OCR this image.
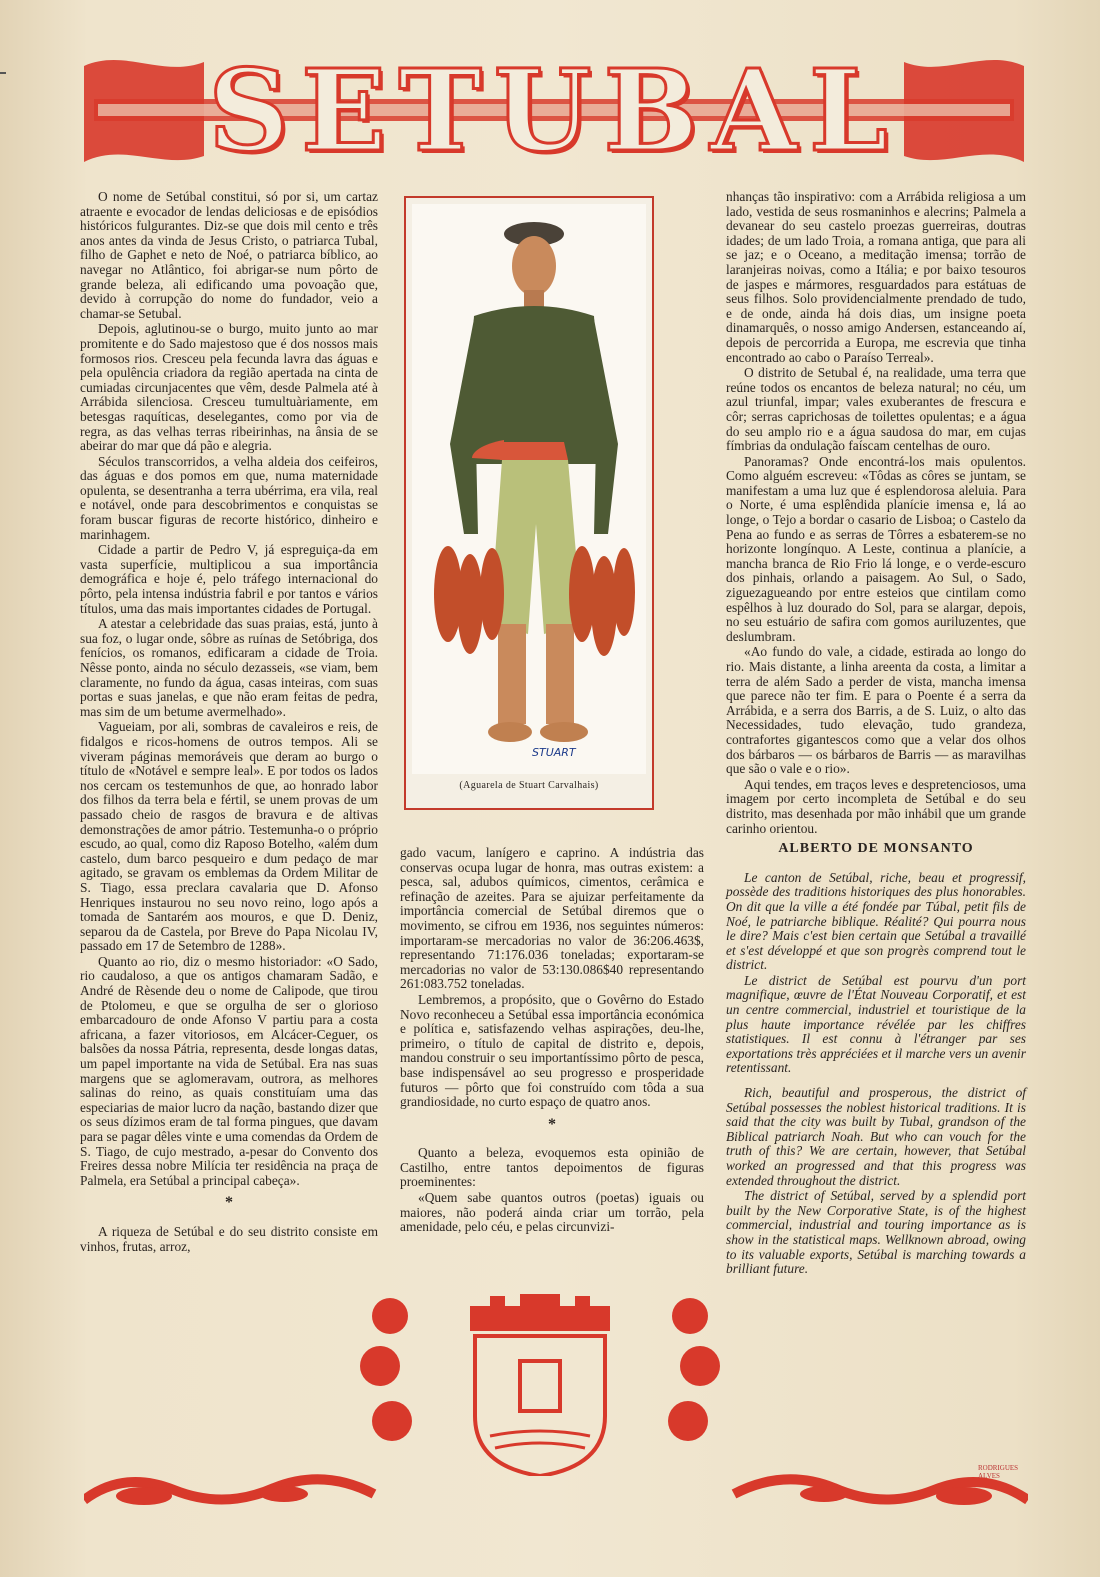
SETUBAL

O nome de Setúbal constitui, só por si, um cartaz atraente e evocador de lendas deliciosas e de episódios históricos fulgurantes. Diz-se que dois mil cento e três anos antes da vinda de Jesus Cristo, o patriarca Tubal, filho de Gaphet e neto de Noé, o patriarca bíblico, ao navegar no Atlântico, foi abrigar-se num pôrto de grande beleza, ali edificando uma povoação que, devido à corrupção do nome do fundador, veio a chamar-se Setubal.

Depois, aglutinou-se o burgo, muito junto ao mar promitente e do Sado majestoso que é dos nossos mais formosos rios. Cresceu pela fecunda lavra das águas e pela opulência criadora da região apertada na cinta de cumiadas circunjacentes que vêm, desde Palmela até à Arrábida silenciosa. Cresceu tumultuàriamente, em betesgas raquíticas, deselegantes, como por via de regra, as das velhas terras ribeirinhas, na ânsia de se abeirar do mar que dá pão e alegria.

Séculos transcorridos, a velha aldeia dos ceifeiros, das águas e dos pomos em que, numa maternidade opulenta, se desentranha a terra ubérrima, era vila, real e notável, onde para descobrimentos e conquistas se foram buscar figuras de recorte histórico, dinheiro e marinhagem.

Cidade a partir de Pedro V, já espreguiça-da em vasta superfície, multiplicou a sua importância demográfica e hoje é, pelo tráfego internacional do pôrto, pela intensa indústria fabril e por tantos e vários títulos, uma das mais importantes cidades de Portugal.

A atestar a celebridade das suas praias, está, junto à sua foz, o lugar onde, sôbre as ruínas de Setóbriga, dos fenícios, os romanos, edificaram a cidade de Troia. Nêsse ponto, ainda no século dezasseis, «se viam, bem claramente, no fundo da água, casas inteiras, com suas portas e suas janelas, e que não eram feitas de pedra, mas sim de um betume avermelhado».

Vagueiam, por ali, sombras de cavaleiros e reis, de fidalgos e ricos-homens de outros tempos. Ali se viveram páginas memoráveis que deram ao burgo o título de «Notável e sempre leal». E por todos os lados nos cercam os testemunhos de que, ao honrado labor dos filhos da terra bela e fértil, se unem provas de um passado cheio de rasgos de bravura e de altivas demonstrações de amor pátrio. Testemunha-o o próprio escudo, ao qual, como diz Raposo Botelho, «além dum castelo, dum barco pesqueiro e dum pedaço de mar agitado, se gravam os emblemas da Ordem Militar de S. Tiago, essa preclara cavalaria que D. Afonso Henriques instaurou no seu novo reino, logo após a tomada de Santarém aos mouros, e que D. Deniz, separou da de Castela, por Breve do Papa Nicolau IV, passado em 17 de Setembro de 1288».

Quanto ao rio, diz o mesmo historiador: «O Sado, rio caudaloso, a que os antigos chamaram Sadão, e André de Rèsende deu o nome de Calipode, que tirou de Ptolomeu, e que se orgulha de ser o glorioso embarcadouro de onde Afonso V partiu para a costa africana, a fazer vitoriosos, em Alcácer-Ceguer, os balsões da nossa Pátria, representa, desde longas datas, um papel importante na vida de Setúbal. Era nas suas margens que se aglomeravam, outrora, as melhores salinas do reino, as quais constituíam uma das especiarias de maior lucro da nação, bastando dizer que os seus dízimos eram de tal forma pingues, que davam para se pagar dêles vinte e uma comendas da Ordem de S. Tiago, de cujo mestrado, a-pesar do Convento dos Freires dessa nobre Milícia ter residência na praça de Palmela, era Setúbal a principal cabeça».

*

A riqueza de Setúbal e do seu distrito consiste em vinhos, frutas, arroz,

STUART
(Aguarela de Stuart Carvalhais)

gado vacum, lanígero e caprino. A indústria das conservas ocupa lugar de honra, mas outras existem: a pesca, sal, adubos químicos, cimentos, cerâmica e refinação de azeites. Para se ajuizar perfeitamente da importância comercial de Setúbal diremos que o movimento, se cifrou em 1936, nos seguintes números: importaram-se mercadorias no valor de 36:206.463$, representando 71:176.036 toneladas; exportaram-se mercadorias no valor de 53:130.086$40 representando 261:083.752 toneladas.

Lembremos, a propósito, que o Govêrno do Estado Novo reconheceu a Setúbal essa importância económica e política e, satisfazendo velhas aspirações, deu-lhe, primeiro, o título de capital de distrito e, depois, mandou construir o seu importantíssimo pôrto de pesca, base indispensável ao seu progresso e prosperidade futuros — pôrto que foi construído com tôda a sua grandiosidade, no curto espaço de quatro anos.

*

Quanto a beleza, evoquemos esta opinião de Castilho, entre tantos depoimentos de figuras proeminentes:

«Quem sabe quantos outros (poetas) iguais ou maiores, não poderá ainda criar um torrão, pela amenidade, pelo céu, e pelas circunvizi-

nhanças tão inspirativo: com a Arrábida religiosa a um lado, vestida de seus rosmaninhos e alecrins; Palmela a devanear do seu castelo proezas guerreiras, doutras idades; de um lado Troia, a romana antiga, que para ali se jaz; e o Oceano, a meditação imensa; torrão de laranjeiras noivas, como a Itália; e por baixo tesouros de jaspes e mármores, resguardados para estátuas de seus filhos. Solo providencialmente prendado de tudo, e de onde, ainda há dois dias, um insigne poeta dinamarquês, o nosso amigo Andersen, estanceando aí, depois de percorrida a Europa, me escrevia que tinha encontrado ao cabo o Paraíso Terreal».

O distrito de Setubal é, na realidade, uma terra que reúne todos os encantos de beleza natural; no céu, um azul triunfal, impar; vales exuberantes de frescura e côr; serras caprichosas de toilettes opulentas; e a água do seu amplo rio e a água saudosa do mar, em cujas fímbrias da ondulação faíscam centelhas de ouro.

Panoramas? Onde encontrá-los mais opulentos. Como alguém escreveu: «Tôdas as côres se juntam, se manifestam a uma luz que é esplendorosa aleluia. Para o Norte, é uma esplêndida planície imensa e, lá ao longe, o Tejo a bordar o casario de Lisboa; o Castelo da Pena ao fundo e as serras de Tôrres a esbaterem-se no horizonte longínquo. A Leste, continua a planície, a mancha branca de Rio Frio lá longe, e o verde-escuro dos pinhais, orlando a paisagem. Ao Sul, o Sado, ziguezagueando por entre esteios que cintilam como espêlhos à luz dourado do Sol, para se alargar, depois, no seu estuário de safira com gomos auriluzentes, que deslumbram.

«Ao fundo do vale, a cidade, estirada ao longo do rio. Mais distante, a linha areenta da costa, a limitar a terra de além Sado a perder de vista, mancha imensa que parece não ter fim. E para o Poente é a serra da Arrábida, e a serra dos Barris, a de S. Luiz, o alto das Necessidades, tudo elevação, tudo grandeza, contrafortes gigantescos como que a velar dos olhos dos bárbaros — os bárbaros de Barris — as maravilhas que são o vale e o rio».

Aqui tendes, em traços leves e despretenciosos, uma imagem por certo incompleta de Setúbal e do seu distrito, mas desenhada por mão inhábil que um grande carinho orientou.

ALBERTO DE MONSANTO

Le canton de Setúbal, riche, beau et progressif, possède des traditions historiques des plus honorables. On dit que la ville a été fondée par Túbal, petit fils de Noé, le patriarche biblique. Réalité? Qui pourra nous le dire? Mais c'est bien certain que Setúbal a travaillé et s'est développé et que son progrès comprend tout le district.

Le district de Setúbal est pourvu d'un port magnifique, œuvre de l'État Nouveau Corporatif, et est un centre commercial, industriel et touristique de la plus haute importance révélée par les chiffres statistiques. Il est connu à l'étranger par ses exportations très appréciées et il marche vers un avenir retentissant.

Rich, beautiful and prosperous, the district of Setúbal possesses the noblest historical traditions. It is said that the city was built by Tubal, grandson of the Biblical patriarch Noah. But who can vouch for the truth of this? We are certain, however, that Setúbal worked an progressed and that this progress was extended throughout the district.

The district of Setúbal, served by a splendid port built by the New Corporative State, is of the highest commercial, industrial and touring importance as is show in the statistical maps. Wellknown abroad, owing to its valuable exports, Setúbal is marching towards a brilliant future.

RODRIGUES ALVES
